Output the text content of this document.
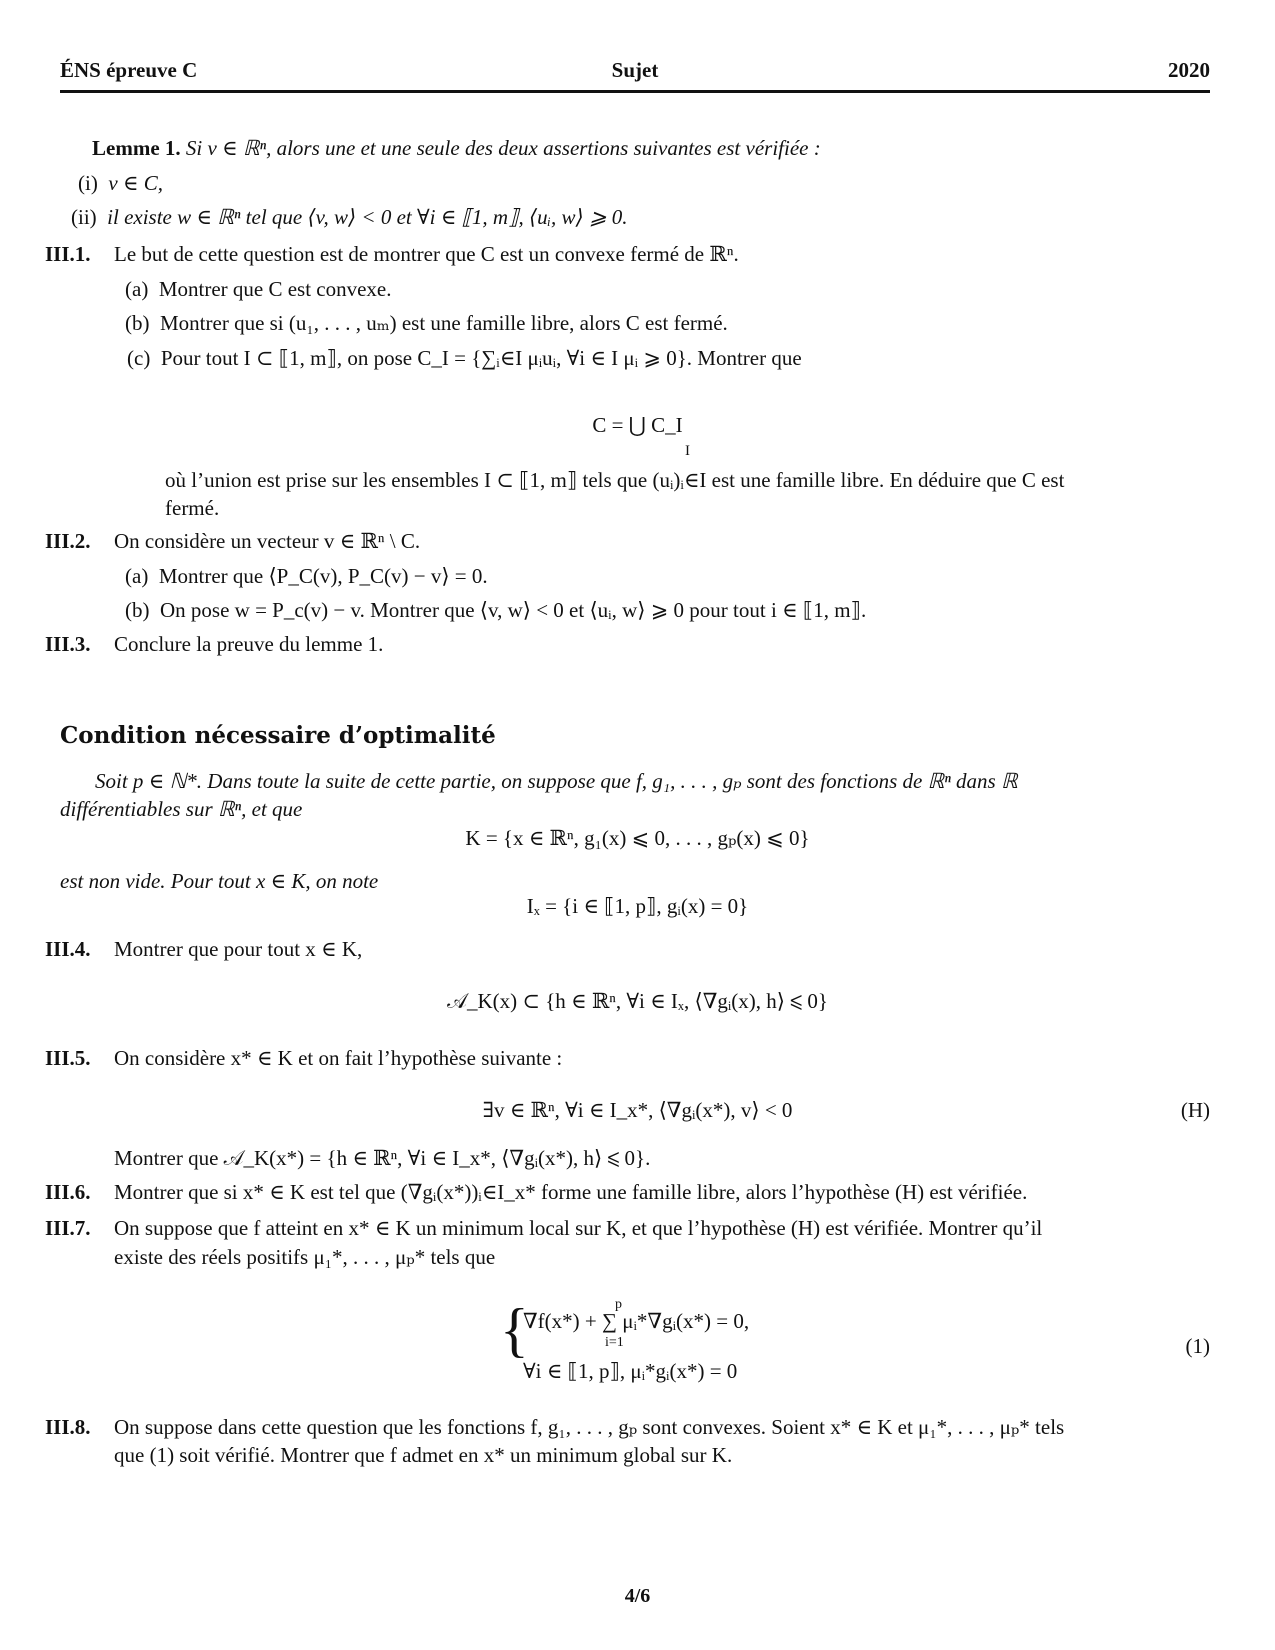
ÉNS épreuve C	Sujet	2020
Lemme 1. Si v ∈ ℝⁿ, alors une et une seule des deux assertions suivantes est vérifiée :
(i) v ∈ C,
(ii) il existe w ∈ ℝⁿ tel que ⟨v, w⟩ < 0 et ∀i ∈ ⟦1, m⟧, ⟨uᵢ, w⟩ ⩾ 0.
III.1. Le but de cette question est de montrer que C est un convexe fermé de ℝⁿ.
(a) Montrer que C est convexe.
(b) Montrer que si (u₁, . . . , uₘ) est une famille libre, alors C est fermé.
(c) Pour tout I ⊂ ⟦1, m⟧, on pose C_I = {∑ᵢ∈I μᵢuᵢ, ∀i ∈ I μᵢ ⩾ 0}. Montrer que
C = ⋃ C_I
I
où l’union est prise sur les ensembles I ⊂ ⟦1, m⟧ tels que (uᵢ)ᵢ∈I est une famille libre. En déduire que C est
fermé.
III.2. On considère un vecteur v ∈ ℝⁿ \ C.
(a) Montrer que ⟨P_C(v), P_C(v) − v⟩ = 0.
(b) On pose w = P_c(v) − v. Montrer que ⟨v, w⟩ < 0 et ⟨uᵢ, w⟩ ⩾ 0 pour tout i ∈ ⟦1, m⟧.
III.3. Conclure la preuve du lemme 1.
Condition nécessaire d’optimalité
Soit p ∈ ℕ*. Dans toute la suite de cette partie, on suppose que f, g₁, . . . , gₚ sont des fonctions de ℝⁿ dans ℝ
différentiables sur ℝⁿ, et que
K = {x ∈ ℝⁿ, g₁(x) ⩽ 0, . . . , gₚ(x) ⩽ 0}
est non vide. Pour tout x ∈ K, on note
Iₓ = {i ∈ ⟦1, p⟧, gᵢ(x) = 0}
III.4. Montrer que pour tout x ∈ K,
𝒜_K(x) ⊂ {h ∈ ℝⁿ, ∀i ∈ Iₓ, ⟨∇gᵢ(x), h⟩ ⩽ 0}
III.5. On considère x* ∈ K et on fait l’hypothèse suivante :
∃v ∈ ℝⁿ, ∀i ∈ I_x*, ⟨∇gᵢ(x*), v⟩ < 0	(H)
Montrer que 𝒜_K(x*) = {h ∈ ℝⁿ, ∀i ∈ I_x*, ⟨∇gᵢ(x*), h⟩ ⩽ 0}.
III.6. Montrer que si x* ∈ K est tel que (∇gᵢ(x*))ᵢ∈I_x* forme une famille libre, alors l’hypothèse (H) est vérifiée.
III.7. On suppose que f atteint en x* ∈ K un minimum local sur K, et que l’hypothèse (H) est vérifiée. Montrer qu’il
existe des réels positifs μ₁*, . . . , μₚ* tels que
{	p
∇f(x*) + ∑ μᵢ*∇gᵢ(x*) = 0,
i=1
∀i ∈ ⟦1, p⟧, μᵢ*gᵢ(x*) = 0
(1)
III.8. On suppose dans cette question que les fonctions f, g₁, . . . , gₚ sont convexes. Soient x* ∈ K et μ₁*, . . . , μₚ* tels
que (1) soit vérifié. Montrer que f admet en x* un minimum global sur K.
4/6
